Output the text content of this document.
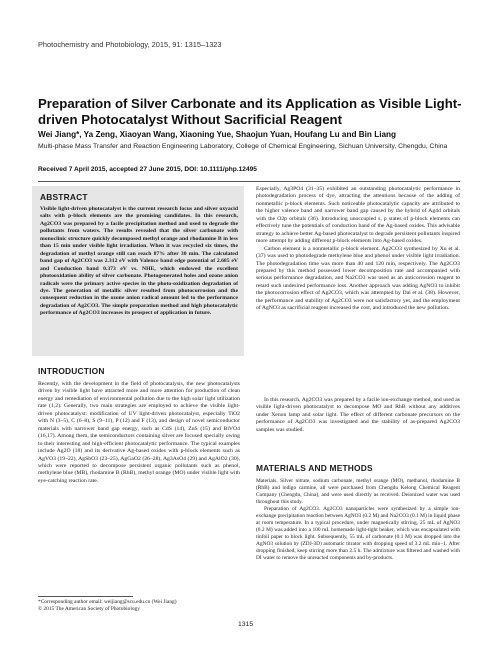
Photochemistry and Photobiology, 2015, 91: 1315–1323
Preparation of Silver Carbonate and its Application as Visible Light-driven Photocatalyst Without Sacrificial Reagent
Wei Jiang*, Ya Zeng, Xiaoyan Wang, Xiaoning Yue, Shaojun Yuan, Houfang Lu and Bin Liang
Multi-phase Mass Transfer and Reaction Engineering Laboratory, College of Chemical Engineering, Sichuan University, Chengdu, China
Received 7 April 2015, accepted 27 June 2015, DOI: 10.1111/php.12495
ABSTRACT
Visible light-driven photocatalyst is the current research focus and silver oxyacid salts with p-block elements are the promising candidates. In this research, Ag2CO3 was prepared by a facile precipitation method and used to degrade the pollutants from waters. The results revealed that the silver carbonate with monoclinic structure quickly decomposed methyl orange and rhodamine B in less than 15 min under visible light irradiation. When it was recycled six times, the degradation of methyl orange still can reach 87% after 30 min. The calculated band gap of Ag2CO3 was 2.312 eV with Valence band edge potential of 2.685 eV and Conduction band 0.373 eV vs. NHE, which endowed the excellent photooxidation ability of silver carbonate. Photogenerated holes and ozone anion radicals were the primary active species in the photo-oxidization degradation of dye. The generation of metallic silver resulted from photocorrosion and the consequent reduction in the ozone anion radical amount led to the performance degradation of Ag2CO3. The simple preparation method and high photocatalytic performance of Ag2CO3 increases its prospect of application in future.
INTRODUCTION
Recently, with the development in the field of photocatalysis, the new photocatalysts driven by visible light have attracted more and more attention for production of clean energy and remediation of environmental pollution due to the high solar light utilization rate (1,2). Generally, two main strategies are employed to achieve the visible light-driven photocatalyst: modification of UV light-driven photocatalyst, especially TiO2 with N (3–5), C (6–8), S (9–11), P (12) and F (13), and design of novel semiconductor materials with narrower band gap energy, such as CdS (14), ZnS (15) and BiVO4 (16,17). Among them, the semiconductors containing silver are focused specially owing to their interesting and high-efficient photocatalytic performance. The typical examples include Ag2O (18) and its derivative Ag-based oxides with p-block elements such as AgVO3 (19–22), AgSbO3 (23–25), AgGaO2 (26–28), Ag3AsO4 (29) and AgAlO2 (30), which were reported to decompose persistent organic pollutants such as phenol, methylene blue (MB), rhodamine B (RhB), methyl orange (MO) under visible light with eye-catching reaction rate.

Especially, Ag3PO4 (31–35) exhibited an outstanding photocatalytic performance in photodegradation process of dye, attracting the attentions because of the adding of nonmetallic p-block elements. Such noticeable photocatalytic capacity are attributed to the higher valence band and narrower band gap caused by the hybrid of Ag4d orbitals with the O2p orbitals (36). Introducing unoccupied s, p states of p-block elements can effectively tune the potentials of conduction band of the Ag-based oxides. This advisable strategy to achieve better Ag-based photocatalyst to degrade persistent pollutants inspired more attempt by adding different p-block elements into Ag-based oxides.

Carbon element is a nonmetallic p-block element. Ag2CO3 synthesized by Xu et al. (37) was used to photodegrade methylene blue and phenol under visible light irradiation. The photodegradation time was more than 40 and 120 min, respectively. The Ag2CO3 prepared by this method possessed lower decomposition rate and accompanied with serious performance degradation, and Na2CO3 was used as an anticorrosion reagent to retard such undesired performance loss. Another approach was adding AgNO3 to inhibit the photocorrosion effect of Ag2CO3, which was attempted by Dai et al. (38). However, the performance and stability of Ag2CO3 were not satisfactory yet, and the employment of AgNO3 as sacrificial reagent increased the cost, and introduced the new pollution.

In this research, Ag2CO3 was prepared by a facile ion-exchange method, and used as visible light-driven photocatalyst to decompose MO and RhB without any additives under Xenon lamp and solar light. The effect of different carbonate precursors on the performance of Ag2CO3 was investigated and the stability of as-prepared Ag2CO3 samples was studied.
MATERIALS AND METHODS

Materials. Silver nitrate, sodium carbonate, methyl orange (MO), methanol, rhodamine B (RhB) and indigo carmine, all were purchased from Chengdu Kelong Chemical Reagent Company (Chengdu, China), and were used directly as received. Deionized water was used throughout this study.

Preparation of Ag2CO3. Ag2CO3 nanoparticles were synthesized by a simple ion-exchange precipitation reaction between AgNO3 (0.2 M) and Na2CO3 (0.1 M) in liquid phase at room temperature. In a typical procedure, under magnetically stirring, 25 mL of AgNO3 (0.2 M) was added into a 100 mL homemade light-tight beaker, which was encapsulated with tinfoil paper to block light. Subsequently, 55 mL of carbonate (0.1 M) was dropped into the AgNO3 solution by (ZDJ-3D) automatic titrator with dropping speed of 3.2 mL min−1. After dropping finished, keep stirring more than 2.5 h. The admixture was filtered and washed with DI water to remove the unreacted components and by-products.

*Corresponding author email: weijiang@scu.edu.cn (Wei Jiang)
© 2015 The American Society of Photobiology
1315
